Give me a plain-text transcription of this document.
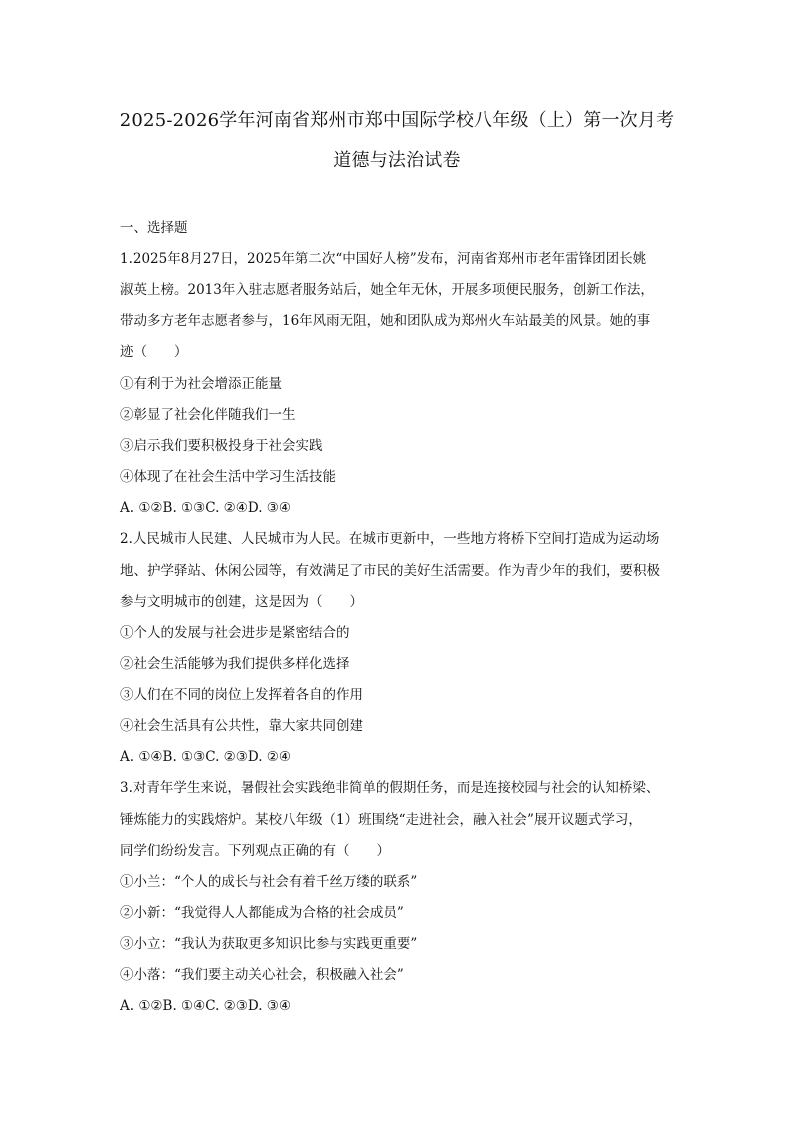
2025-2026学年河南省郑州市郑中国际学校八年级（上）第一次月考
道德与法治试卷
一、选择题
1.2025年8月27日，2025年第二次“中国好人榜”发布，河南省郑州市老年雷锋团团长姚
淑英上榜。2013年入驻志愿者服务站后，她全年无休，开展多项便民服务，创新工作法，
带动多方老年志愿者参与，16年风雨无阻，她和团队成为郑州火车站最美的风景。她的事
迹（　　）
①有利于为社会增添正能量
②彰显了社会化伴随我们一生
③启示我们要积极投身于社会实践
④体现了在社会生活中学习生活技能
A. ①②B. ①③C. ②④D. ③④
2.人民城市人民建、人民城市为人民。在城市更新中，一些地方将桥下空间打造成为运动场
地、护学驿站、休闲公园等，有效满足了市民的美好生活需要。作为青少年的我们，要积极
参与文明城市的创建，这是因为（　　）
①个人的发展与社会进步是紧密结合的
②社会生活能够为我们提供多样化选择
③人们在不同的岗位上发挥着各自的作用
④社会生活具有公共性，靠大家共同创建
A. ①④B. ①③C. ②③D. ②④
3.对青年学生来说，暑假社会实践绝非简单的假期任务，而是连接校园与社会的认知桥梁、
锤炼能力的实践熔炉。某校八年级（1）班围绕“走进社会，融入社会”展开议题式学习，
同学们纷纷发言。下列观点正确的有（　　）
①小兰：“个人的成长与社会有着千丝万缕的联系”
②小新：“我觉得人人都能成为合格的社会成员”
③小立：“我认为获取更多知识比参与实践更重要”
④小落：“我们要主动关心社会，积极融入社会”
A. ①②B. ①④C. ②③D. ③④
